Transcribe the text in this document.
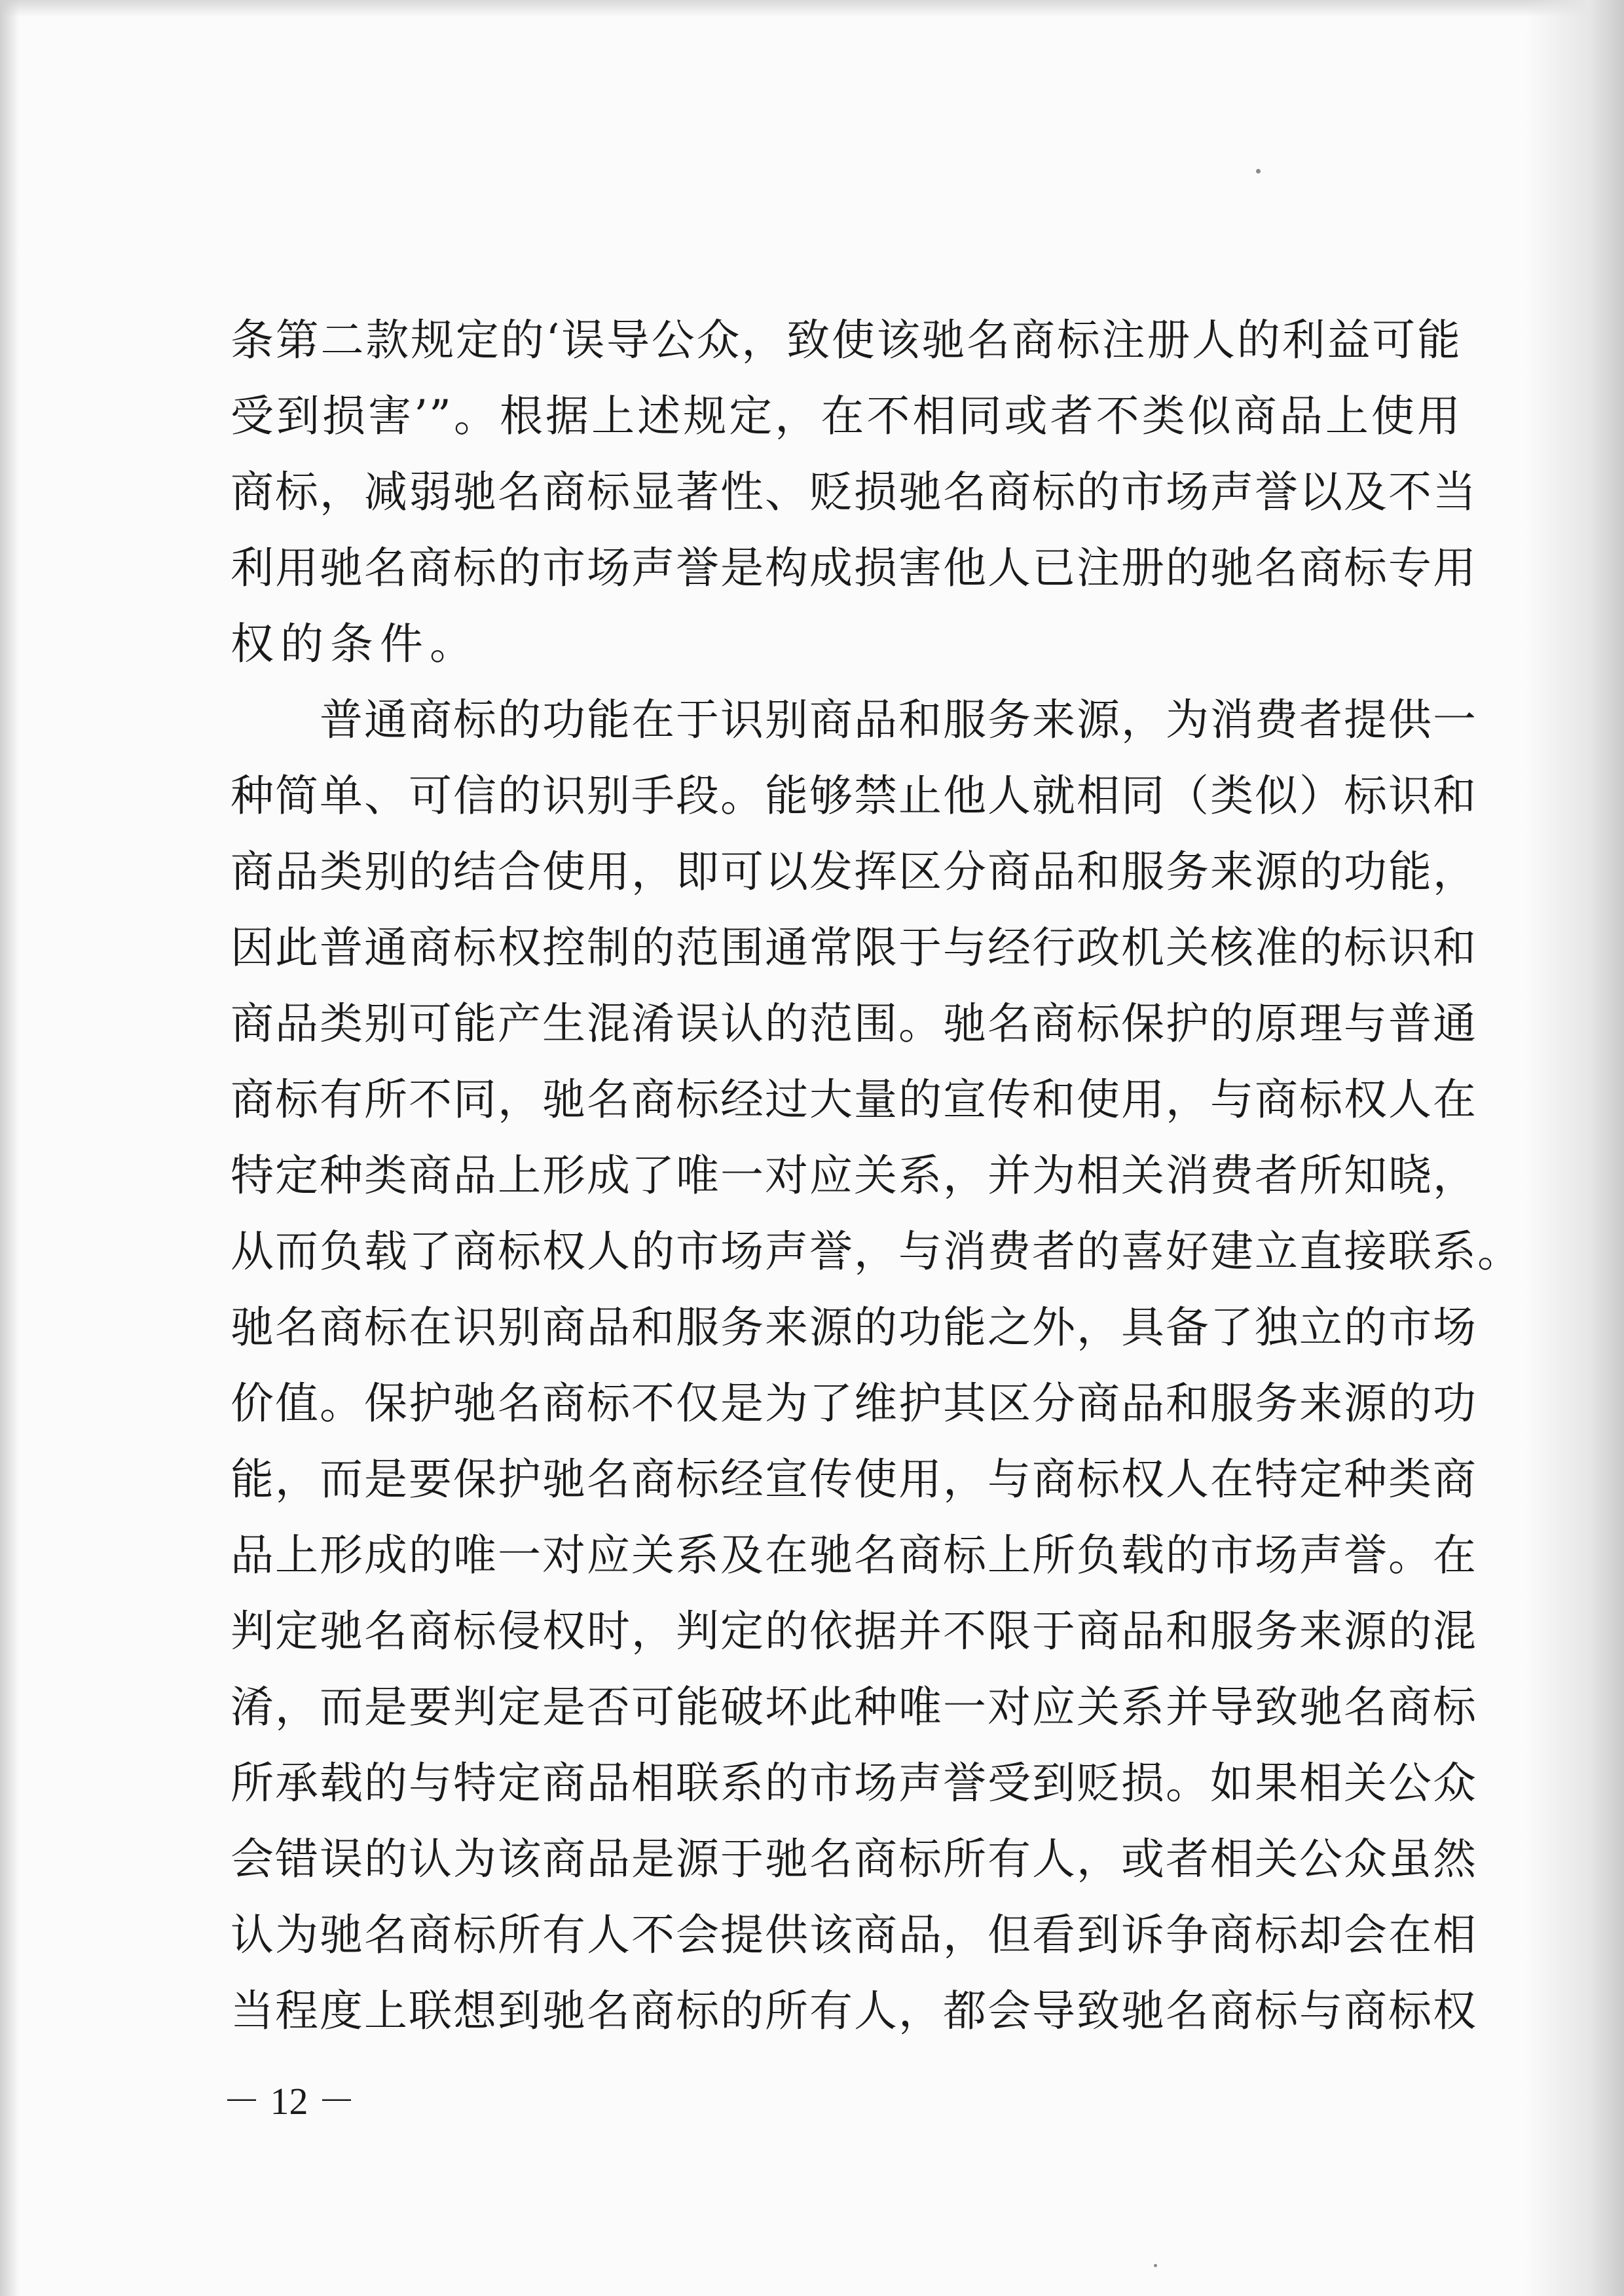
条第二款规定的‘误导公众，致使该驰名商标注册人的利益可能
受到损害’”。根据上述规定，在不相同或者不类似商品上使用
商标，减弱驰名商标显著性、贬损驰名商标的市场声誉以及不当
利用驰名商标的市场声誉是构成损害他人已注册的驰名商标专用
权的条件。
　　普通商标的功能在于识别商品和服务来源，为消费者提供一
种简单、可信的识别手段。能够禁止他人就相同（类似）标识和
商品类别的结合使用，即可以发挥区分商品和服务来源的功能，
因此普通商标权控制的范围通常限于与经行政机关核准的标识和
商品类别可能产生混淆误认的范围。驰名商标保护的原理与普通
商标有所不同，驰名商标经过大量的宣传和使用，与商标权人在
特定种类商品上形成了唯一对应关系，并为相关消费者所知晓，
从而负载了商标权人的市场声誉，与消费者的喜好建立直接联系。
驰名商标在识别商品和服务来源的功能之外，具备了独立的市场
价值。保护驰名商标不仅是为了维护其区分商品和服务来源的功
能，而是要保护驰名商标经宣传使用，与商标权人在特定种类商
品上形成的唯一对应关系及在驰名商标上所负载的市场声誉。在
判定驰名商标侵权时，判定的依据并不限于商品和服务来源的混
淆，而是要判定是否可能破坏此种唯一对应关系并导致驰名商标
所承载的与特定商品相联系的市场声誉受到贬损。如果相关公众
会错误的认为该商品是源于驰名商标所有人，或者相关公众虽然
认为驰名商标所有人不会提供该商品，但看到诉争商标却会在相
当程度上联想到驰名商标的所有人，都会导致驰名商标与商标权
－ 12 －
